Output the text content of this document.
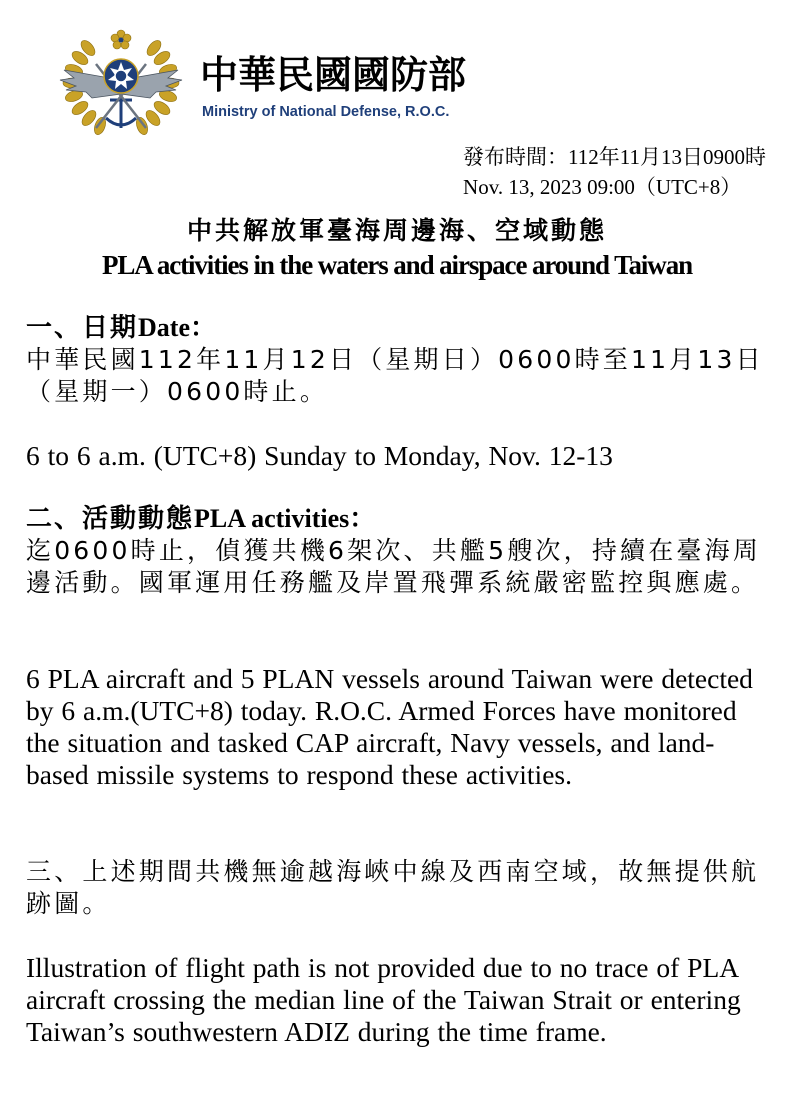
中華民國國防部
Ministry of National Defense, R.O.C.
發布時間：112年11月13日0900時
Nov. 13, 2023 09:00（UTC+8）
中共解放軍臺海周邊海、空域動態
PLA activities in the waters and airspace around Taiwan
一、日期Date：
中華民國112年11月12日（星期日）0600時至11月13日（星期一）0600時止。
6 to 6 a.m. (UTC+8) Sunday to Monday, Nov. 12-13
二、活動動態PLA activities：
迄0600時止，偵獲共機6架次、共艦5艘次，持續在臺海周邊活動。國軍運用任務艦及岸置飛彈系統嚴密監控與應處。
6 PLA aircraft and 5 PLAN vessels around Taiwan were detected by 6 a.m.(UTC+8) today. R.O.C. Armed Forces have monitored the situation and tasked CAP aircraft, Navy vessels, and land-based missile systems to respond these activities.
三、上述期間共機無逾越海峽中線及西南空域，故無提供航跡圖。
Illustration of flight path is not provided due to no trace of PLA aircraft crossing the median line of the Taiwan Strait or entering Taiwan’s southwestern ADIZ during the time frame.
